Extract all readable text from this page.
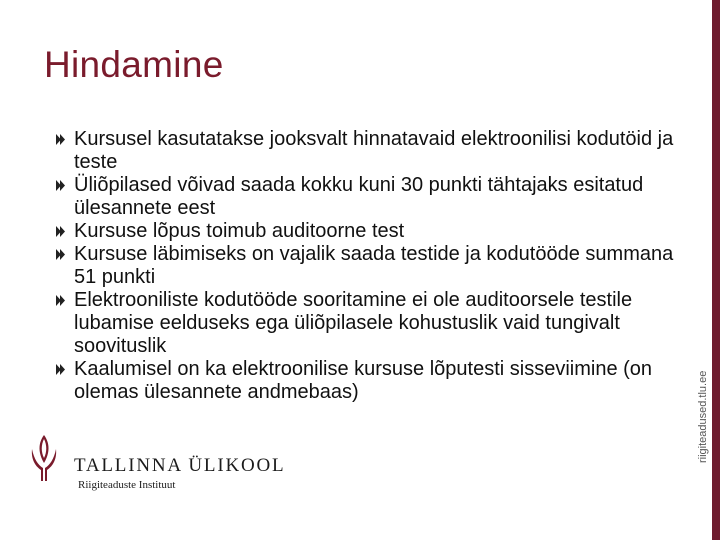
Hindamine
Kursusel kasutatakse jooksvalt hinnatavaid elektroonilisi kodutöid ja teste
Üliõpilased võivad saada kokku kuni 30 punkti tähtajaks esitatud ülesannete eest
Kursuse lõpus toimub auditoorne test
Kursuse läbimiseks on vajalik saada testide ja kodutööde summana 51 punkti
Elektrooniliste kodutööde sooritamine ei ole auditoorsele testile lubamise eelduseks ega üliõpilasele kohustuslik vaid tungivalt soovituslik
Kaalumisel on ka elektroonilise kursuse lõputesti sisseviimine (on olemas ülesannete andmebaas)	riigiteadused.tlu.ee
TALLINNA ÜLIKOOL
Riigiteaduste Instituut
